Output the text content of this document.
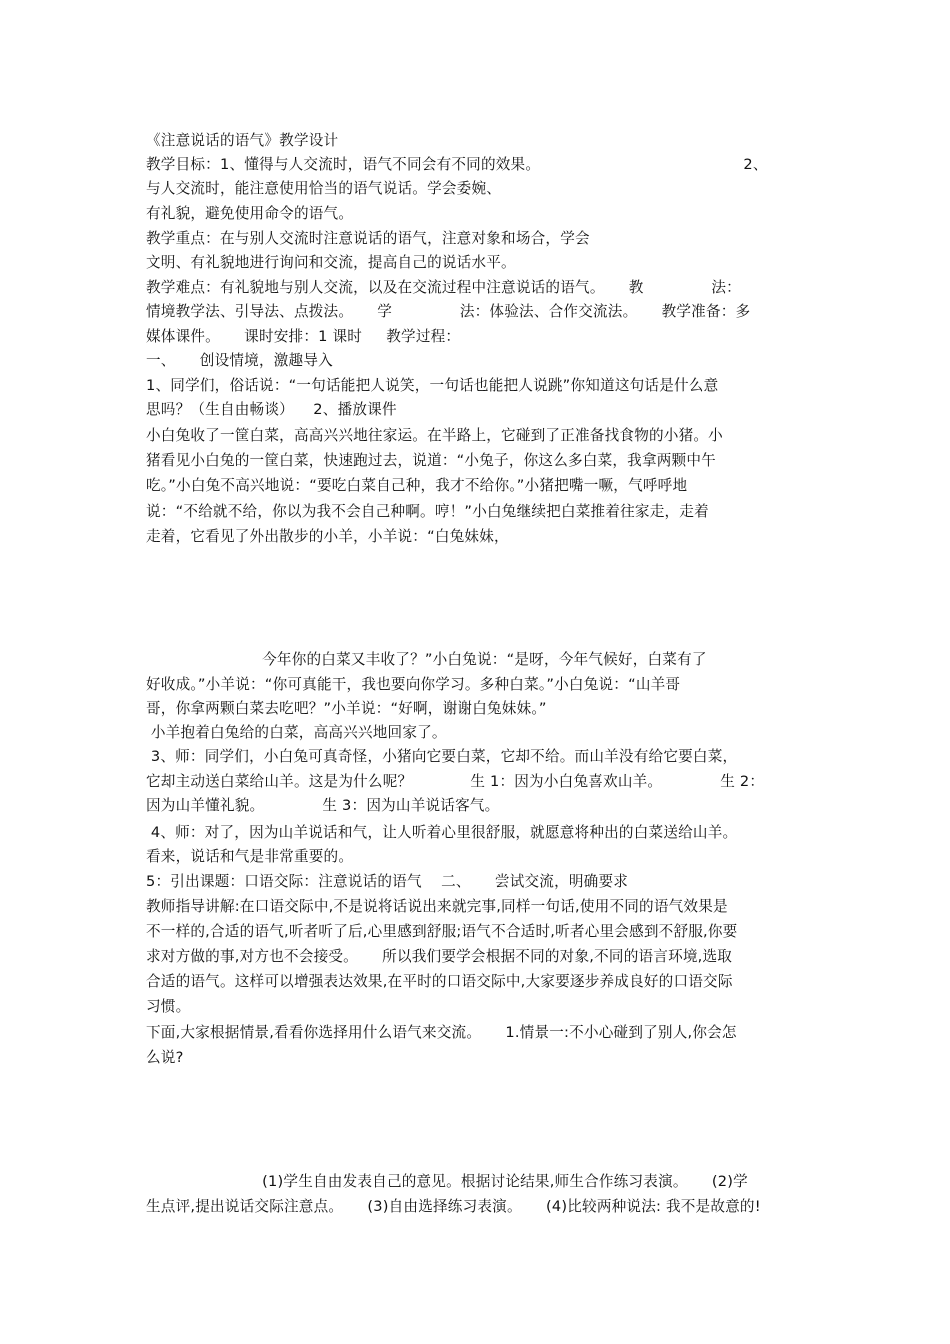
《注意说话的语气》教学设计
教学目标：1、懂得与人交流时，语气不同会有不同的效果。                                          2、
与人交流时，能注意使用恰当的语气说话。学会委婉、
有礼貌，避免使用命令的语气。
教学重点：在与别人交流时注意说话的语气，注意对象和场合，学会
文明、有礼貌地进行询问和交流，提高自己的说话水平。
教学难点：有礼貌地与别人交流，以及在交流过程中注意说话的语气。     教              法：
情境教学法、引导法、点拨法。     学              法：体验法、合作交流法。     教学准备：多
媒体课件。     课时安排：1 课时     教学过程：
一、     创设情境，激趣导入
1、同学们，俗话说：“一句话能把人说笑，一句话也能把人说跳”你知道这句话是什么意
思吗？（生自由畅谈）    2、播放课件
小白兔收了一筐白菜，高高兴兴地往家运。在半路上，它碰到了正准备找食物的小猪。小
猪看见小白兔的一筐白菜，快速跑过去，说道：“小兔子，你这么多白菜，我拿两颗中午
吃。”小白兔不高兴地说：“要吃白菜自己种，我才不给你。”小猪把嘴一噘，气呼呼地
说：“不给就不给，你以为我不会自己种啊。哼！”小白兔继续把白菜推着往家走，走着
走着，它看见了外出散步的小羊，小羊说：“白兔妹妹，
今年你的白菜又丰收了？”小白兔说：“是呀，今年气候好，白菜有了
好收成。”小羊说：“你可真能干，我也要向你学习。多种白菜。”小白兔说：“山羊哥
哥，你拿两颗白菜去吃吧？”小羊说：“好啊，谢谢白兔妹妹。”
小羊抱着白兔给的白菜，高高兴兴地回家了。
3、师：同学们，小白兔可真奇怪，小猪向它要白菜，它却不给。而山羊没有给它要白菜，
它却主动送白菜给山羊。这是为什么呢？            生 1：因为小白兔喜欢山羊。            生 2：
因为山羊懂礼貌。            生 3：因为山羊说话客气。
4、师：对了，因为山羊说话和气，让人听着心里很舒服，就愿意将种出的白菜送给山羊。
看来，说话和气是非常重要的。
5：引出课题：口语交际：注意说话的语气    二、     尝试交流，明确要求
教师指导讲解:在口语交际中,不是说将话说出来就完事,同样一句话,使用不同的语气效果是
不一样的,合适的语气,听者听了后,心里感到舒服;语气不合适时,听者心里会感到不舒服,你要
求对方做的事,对方也不会接受。     所以我们要学会根据不同的对象,不同的语言环境,选取
合适的语气。这样可以增强表达效果,在平时的口语交际中,大家要逐步养成良好的口语交际
习惯。
下面,大家根据情景,看看你选择用什么语气来交流。     1.情景一:不小心碰到了别人,你会怎
么说?
(1)学生自由发表自己的意见。根据讨论结果,师生合作练习表演。     (2)学
生点评,提出说话交际注意点。     (3)自由选择练习表演。     (4)比较两种说法: 我不是故意的!
